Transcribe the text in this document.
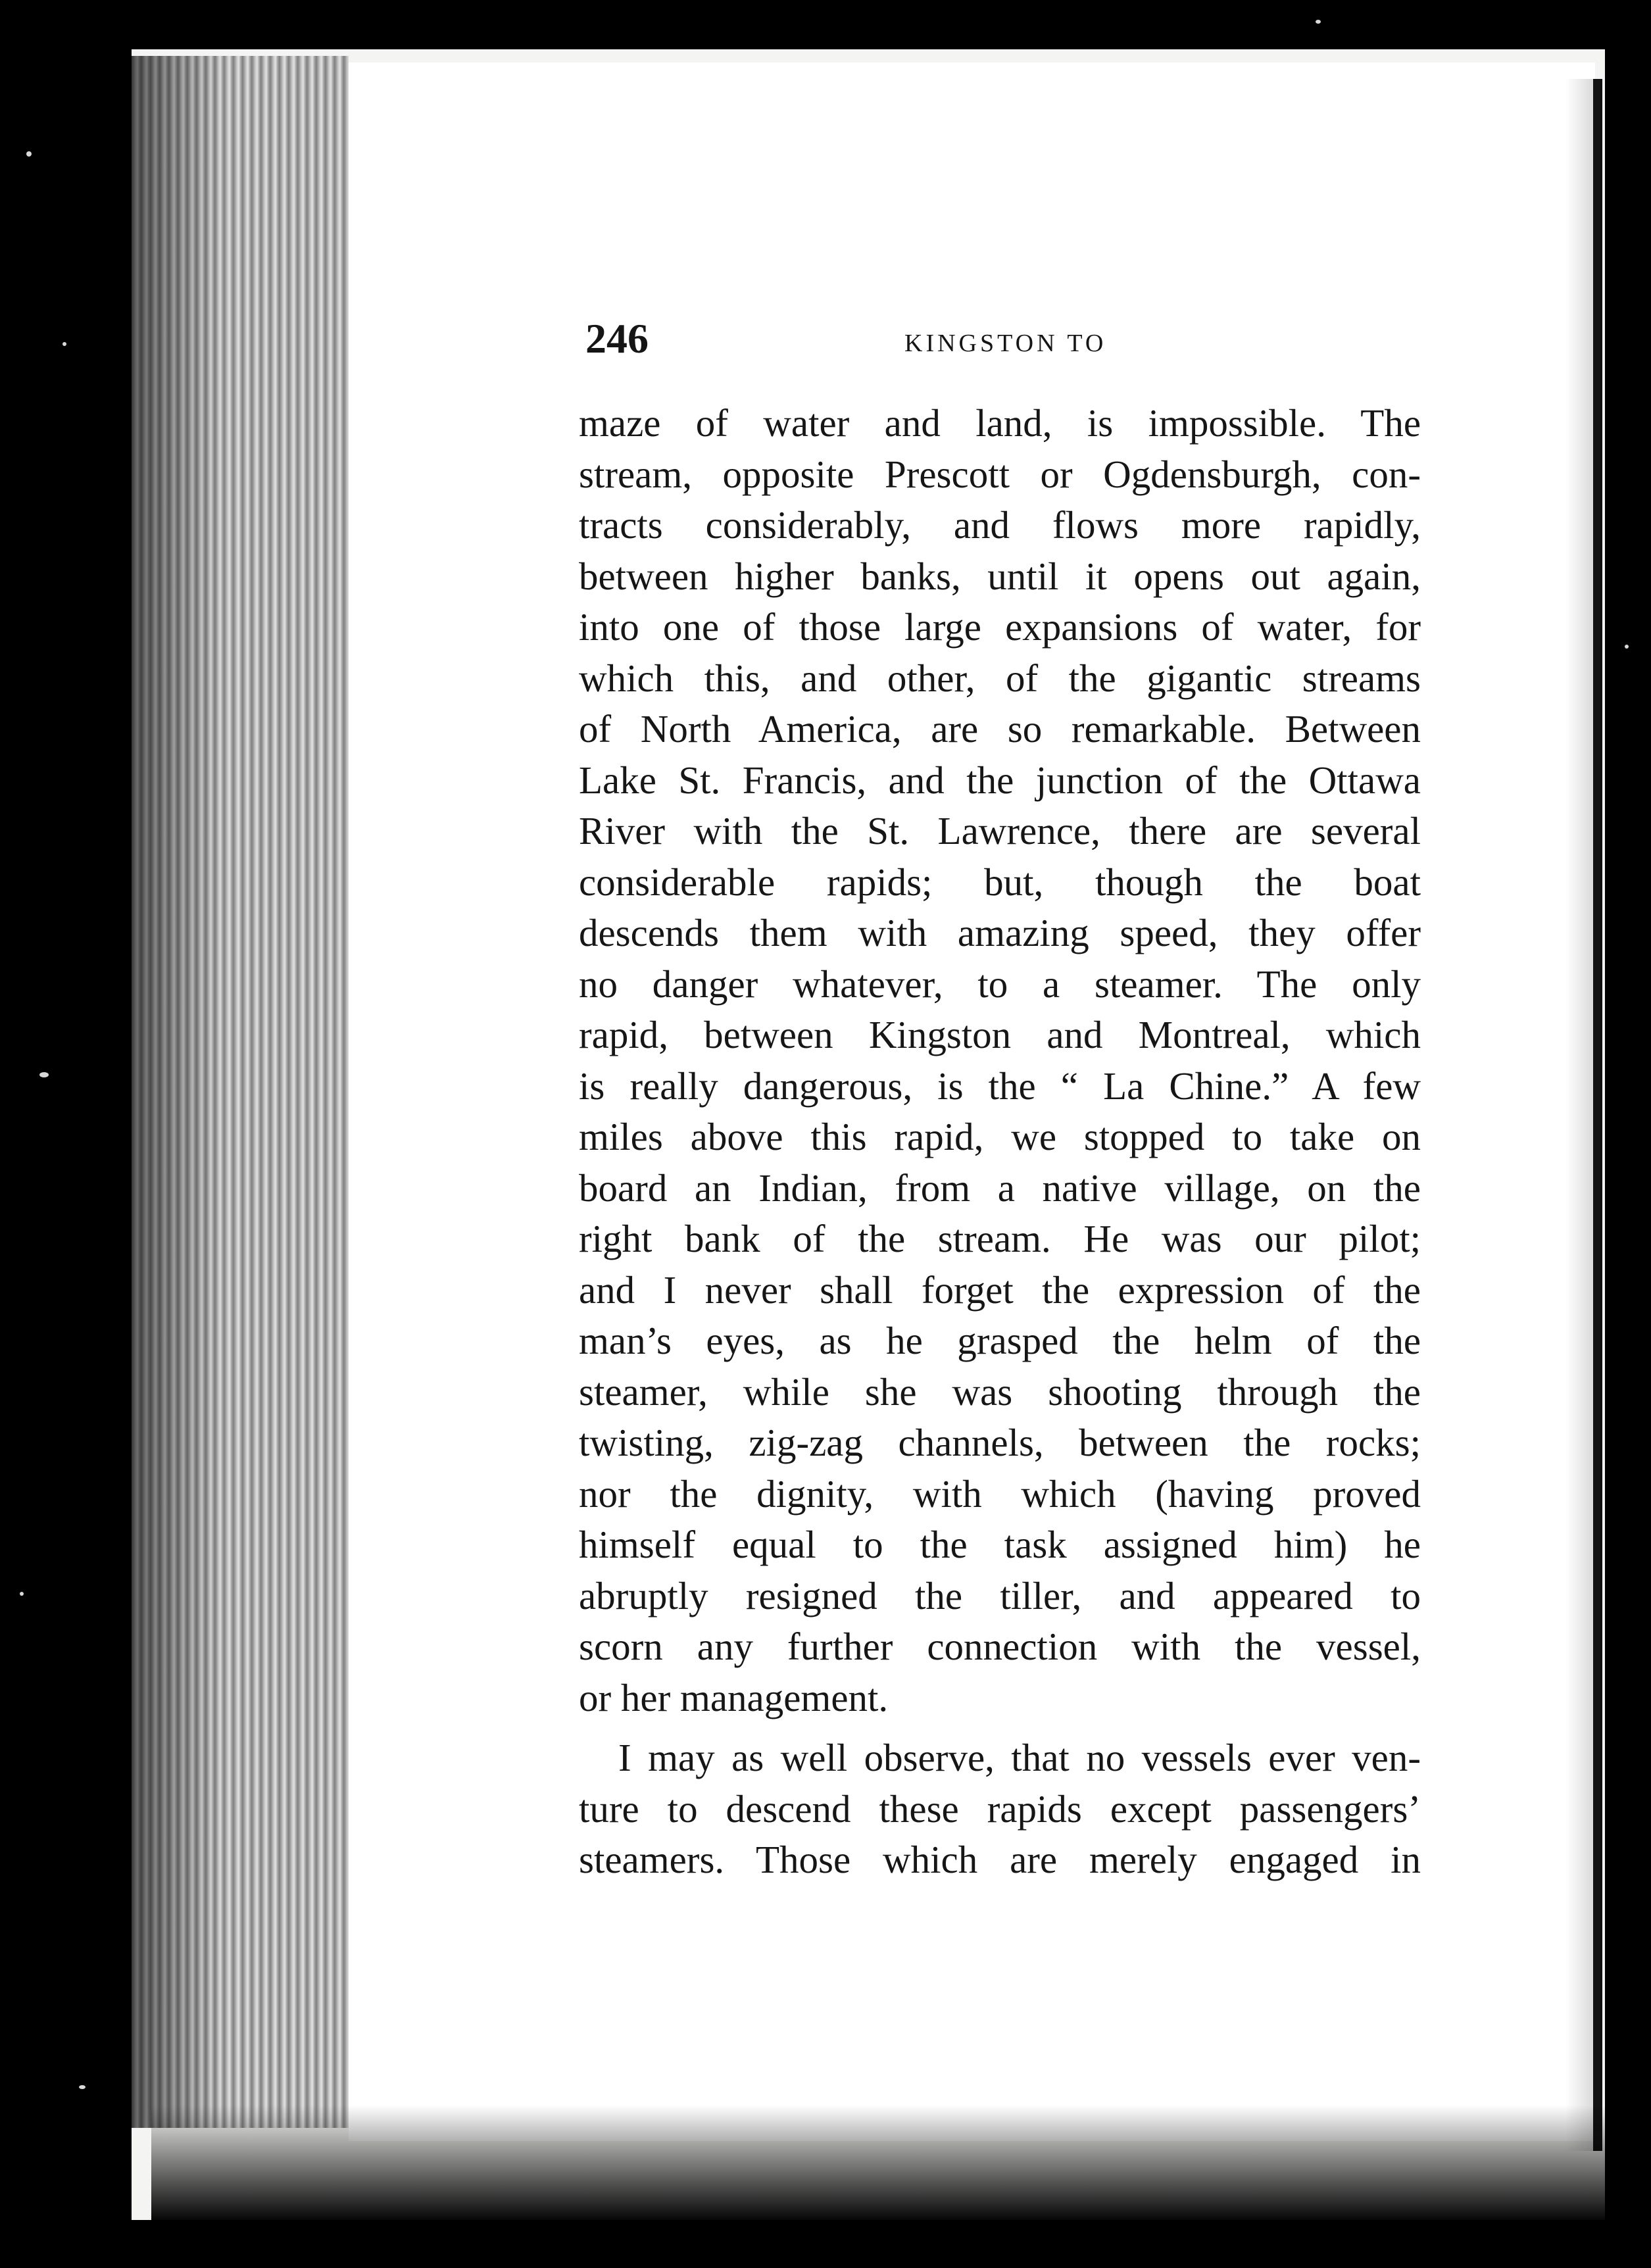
246	KINGSTON TO
maze of water and land, is impossible. The
stream, opposite Prescott or Ogdensburgh, con-
tracts considerably, and flows more rapidly,
between higher banks, until it opens out again,
into one of those large expansions of water, for
which this, and other, of the gigantic streams
of North America, are so remarkable. Between
Lake St. Francis, and the junction of the Ottawa
River with the St. Lawrence, there are several
considerable rapids; but, though the boat
descends them with amazing speed, they offer
no danger whatever, to a steamer. The only
rapid, between Kingston and Montreal, which
is really dangerous, is the “ La Chine.” A few
miles above this rapid, we stopped to take on
board an Indian, from a native village, on the
right bank of the stream. He was our pilot;
and I never shall forget the expression of the
man’s eyes, as he grasped the helm of the
steamer, while she was shooting through the
twisting, zig-zag channels, between the rocks;
nor the dignity, with which (having proved
himself equal to the task assigned him) he
abruptly resigned the tiller, and appeared to
scorn any further connection with the vessel,
or her management.
I may as well observe, that no vessels ever ven-
ture to descend these rapids except passengers’
steamers. Those which are merely engaged in
